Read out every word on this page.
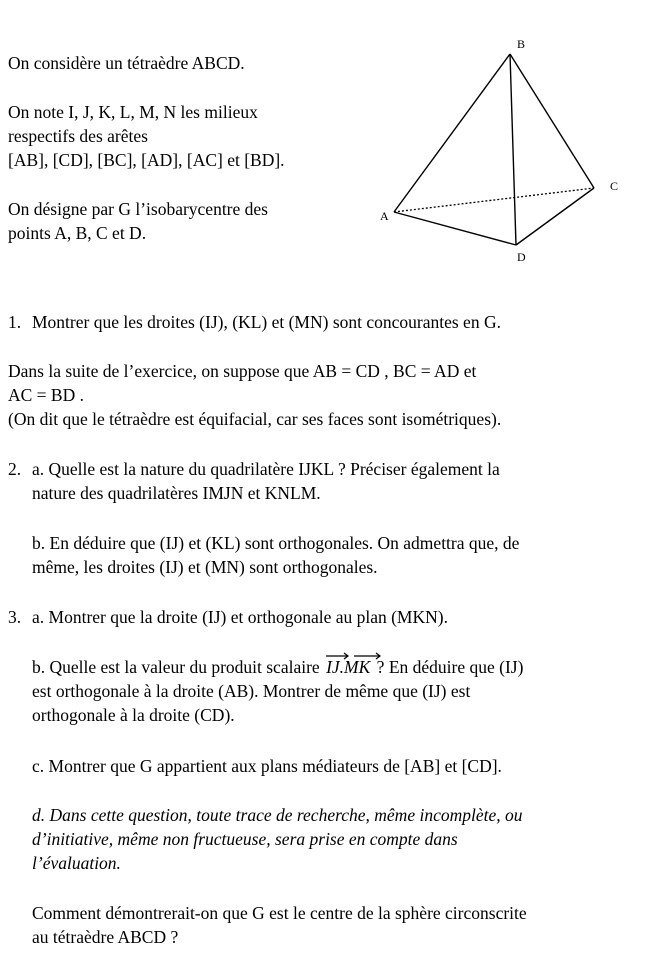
On considère un tétraèdre ABCD.

On note I, J, K, L, M, N les milieux

respectifs des arêtes

[AB], [CD], [BC], [AD], [AC] et [BD].

On désigne par G l’isobarycentre des

points A, B, C et D.

B
C
A
D
1. Montrer que les droites (IJ), (KL) et (MN) sont concourantes en G.
Dans la suite de l’exercice, on suppose que AB = CD , BC = AD et
AC = BD .
(On dit que le tétraèdre est équifacial, car ses faces sont isométriques).
2. a. Quelle est la nature du quadrilatère IJKL ? Préciser également la
nature des quadrilatères IMJN et KNLM.
b. En déduire que (IJ) et (KL) sont orthogonales. On admettra que, de
même, les droites (IJ) et (MN) sont orthogonales.
3. a. Montrer que la droite (IJ) et orthogonale au plan (MKN).
b. Quelle est la valeur du produit scalaire IJ.MK ? En déduire que (IJ)
est orthogonale à la droite (AB). Montrer de même que (IJ) est
orthogonale à la droite (CD).
c. Montrer que G appartient aux plans médiateurs de [AB] et [CD].
d. Dans cette question, toute trace de recherche, même incomplète, ou
d’initiative, même non fructueuse, sera prise en compte dans
l’évaluation.
Comment démontrerait-on que G est le centre de la sphère circonscrite
au tétraèdre ABCD ?
